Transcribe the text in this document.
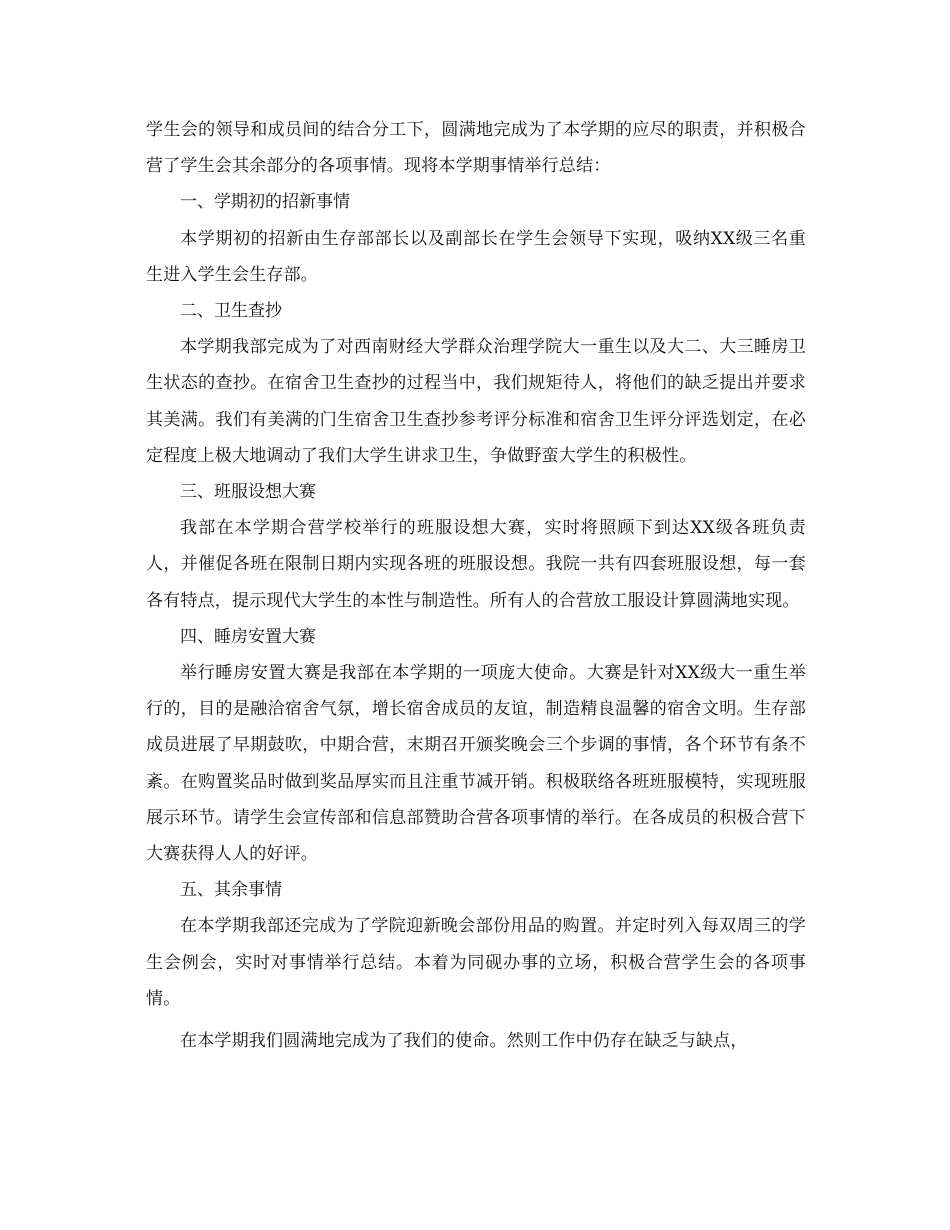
学生会的领导和成员间的结合分工下，圆满地完成为了本学期的应尽的职责，并积极合营了学生会其余部分的各项事情。现将本学期事情举行总结：

一、学期初的招新事情

本学期初的招新由生存部部长以及副部长在学生会领导下实现，吸纳XX级三名重生进入学生会生存部。

二、卫生查抄

本学期我部完成为了对西南财经大学群众治理学院大一重生以及大二、大三睡房卫生状态的查抄。在宿舍卫生查抄的过程当中，我们规矩待人，将他们的缺乏提出并要求其美满。我们有美满的门生宿舍卫生查抄参考评分标准和宿舍卫生评分评选划定，在必定程度上极大地调动了我们大学生讲求卫生，争做野蛮大学生的积极性。

三、班服设想大赛

我部在本学期合营学校举行的班服设想大赛，实时将照顾下到达XX级各班负责人，并催促各班在限制日期内实现各班的班服设想。我院一共有四套班服设想，每一套各有特点，提示现代大学生的本性与制造性。所有人的合营放工服设计算圆满地实现。

四、睡房安置大赛

举行睡房安置大赛是我部在本学期的一项庞大使命。大赛是针对XX级大一重生举行的，目的是融洽宿舍气氛，增长宿舍成员的友谊，制造精良温馨的宿舍文明。生存部成员进展了早期鼓吹，中期合营，末期召开颁奖晚会三个步调的事情，各个环节有条不紊。在购置奖品时做到奖品厚实而且注重节减开销。积极联络各班班服模特，实现班服展示环节。请学生会宣传部和信息部赞助合营各项事情的举行。在各成员的积极合营下大赛获得人人的好评。

五、其余事情

在本学期我部还完成为了学院迎新晚会部份用品的购置。并定时列入每双周三的学生会例会，实时对事情举行总结。本着为同砚办事的立场，积极合营学生会的各项事情。

在本学期我们圆满地完成为了我们的使命。然则工作中仍存在缺乏与缺点，
